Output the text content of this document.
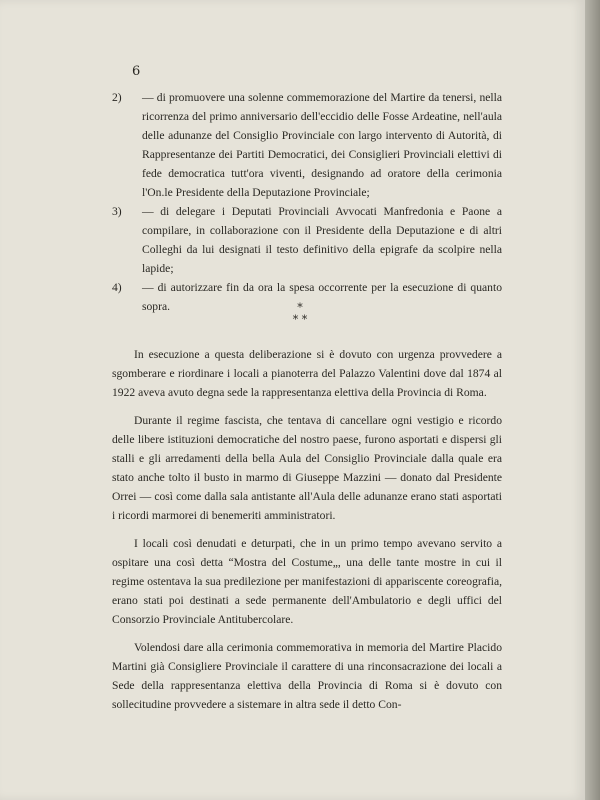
6
2) — di promuovere una solenne commemorazione del Martire da tenersi, nella ricorrenza del primo anniversario dell'eccidio delle Fosse Ardeatine, nell'aula delle adunanze del Consiglio Provinciale con largo intervento di Autorità, di Rappresentanze dei Partiti Democratici, dei Consiglieri Provinciali elettivi di fede democratica tutt'ora viventi, designando ad oratore della cerimonia l'On.le Presidente della Deputazione Provinciale;
3) — di delegare i Deputati Provinciali Avvocati Manfredonia e Paone a compilare, in collaborazione con il Presidente della Deputazione e di altri Colleghi da lui designati il testo definitivo della epigrafe da scolpire nella lapide;
4) — di autorizzare fin da ora la spesa occorrente per la esecuzione di quanto sopra.	*
* *

In esecuzione a questa deliberazione si è dovuto con urgenza provvedere a sgomberare e riordinare i locali a pianoterra del Palazzo Valentini dove dal 1874 al 1922 aveva avuto degna sede la rappresentanza elettiva della Provincia di Roma.

Durante il regime fascista, che tentava di cancellare ogni vestigio e ricordo delle libere istituzioni democratiche del nostro paese, furono asportati e dispersi gli stalli e gli arredamenti della bella Aula del Consiglio Provinciale dalla quale era stato anche tolto il busto in marmo di Giuseppe Mazzini — donato dal Presidente Orrei — così come dalla sala antistante all'Aula delle adunanze erano stati asportati i ricordi marmorei di benemeriti amministratori.

I locali così denudati e deturpati, che in un primo tempo avevano servito a ospitare una così detta “Mostra del Costume„, una delle tante mostre in cui il regime ostentava la sua predilezione per manifestazioni di appariscente coreografia, erano stati poi destinati a sede permanente dell'Ambulatorio e degli uffici del Consorzio Provinciale Antitubercolare.

Volendosi dare alla cerimonia commemorativa in memoria del Martire Placido Martini già Consigliere Provinciale il carattere di una rinconsacrazione dei locali a Sede della rappresentanza elettiva della Provincia di Roma si è dovuto con sollecitudine provvedere a sistemare in altra sede il detto Con-
